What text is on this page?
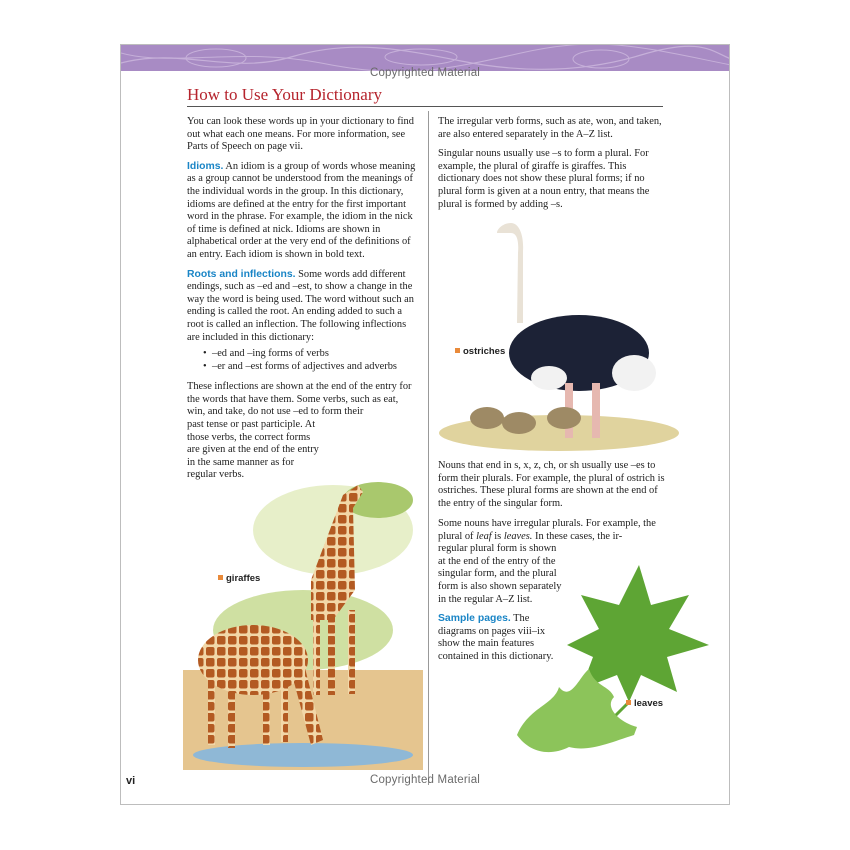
Copyrighted Material
How to Use Your Dictionary

You can look these words up in your dictionary to find out what each one means. For more information, see Parts of Speech on page vii.

Idioms. An idiom is a group of words whose meaning as a group cannot be understood from the meanings of the individual words in the group. In this dictionary, idioms are defined at the entry for the first important word in the phrase. For example, the idiom in the nick of time is defined at nick. Idioms are shown in alphabetical order at the very end of the definitions of an entry. Each idiom is shown in bold text.

Roots and inflections. Some words add different endings, such as –ed and –est, to show a change in the way the word is being used. The word without such an ending is called the root. An ending added to such a root is called an inflection. The following inflections are included in this dictionary:

• –ed and –ing forms of verbs
• –er and –est forms of adjectives and adverbs

These inflections are shown at the end of the entry for the words that have them. Some verbs, such as eat, win, and take, do not use –ed to form their

past tense or past participle. At those verbs, the correct forms are given at the end of the entry in the same manner as for regular verbs.

giraffes

The irregular verb forms, such as ate, won, and taken, are also entered separately in the A–Z list.

Singular nouns usually use –s to form a plural. For example, the plural of giraffe is giraffes. This dictionary does not show these plural forms; if no plural form is given at a noun entry, that means the plural is formed by adding –s.

ostriches

Nouns that end in s, x, z, ch, or sh usually use –es to form their plurals. For example, the plural of ostrich is ostriches. These plural forms are shown at the end of the entry of the singular form.

Some nouns have irregular plurals. For example, the plural of leaf is leaves. In these cases, the ir-

regular plural form is shown at the end of the entry of the singular form, and the plural form is also shown separately in the regular A–Z list.

Sample pages. The diagrams on pages viii–ix show the main features contained in this dictionary.

leaves
vi	Copyrighted Material
